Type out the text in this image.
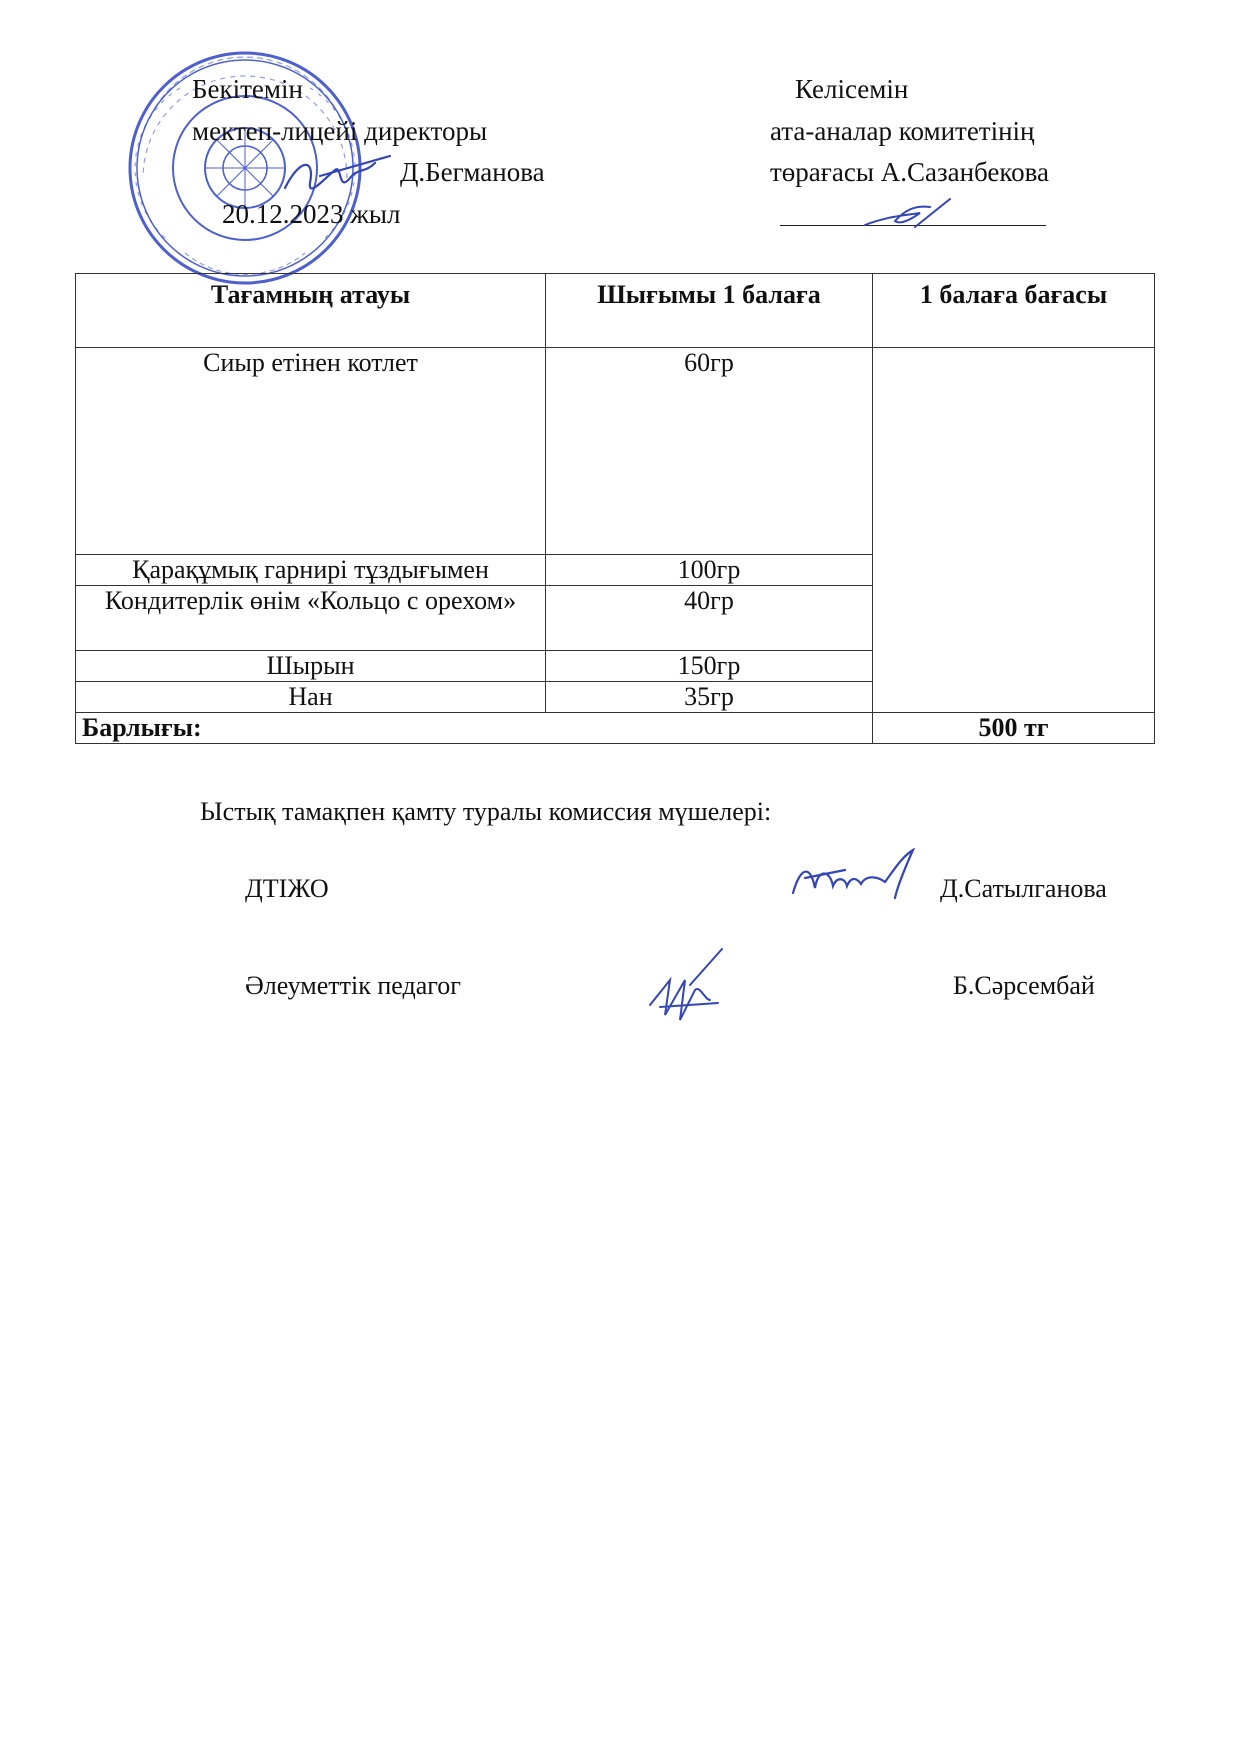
Бекітемін
мектеп-лицейі директоры
Д.Бегманова
20.12.2023 жыл
Келісемін
ата-аналар комитетінің
төрағасы А.Сазанбекова
Тағамның атауы	Шығымы 1 балаға	1 балаға бағасы
Сиыр етінен котлет	60гр	
Қарақұмық гарнирі тұздығымен	100гр	
Кондитерлік өнім «Кольцо с орехом»	40гр	
Шырын	150гр	
Нан	35гр	
Барлығы:		500 тг
Ыстық тамақпен қамту туралы комиссия мүшелері:
ДТІЖО	Д.Сатылганова
Әлеуметтік педагог	Б.Сәрсембай
